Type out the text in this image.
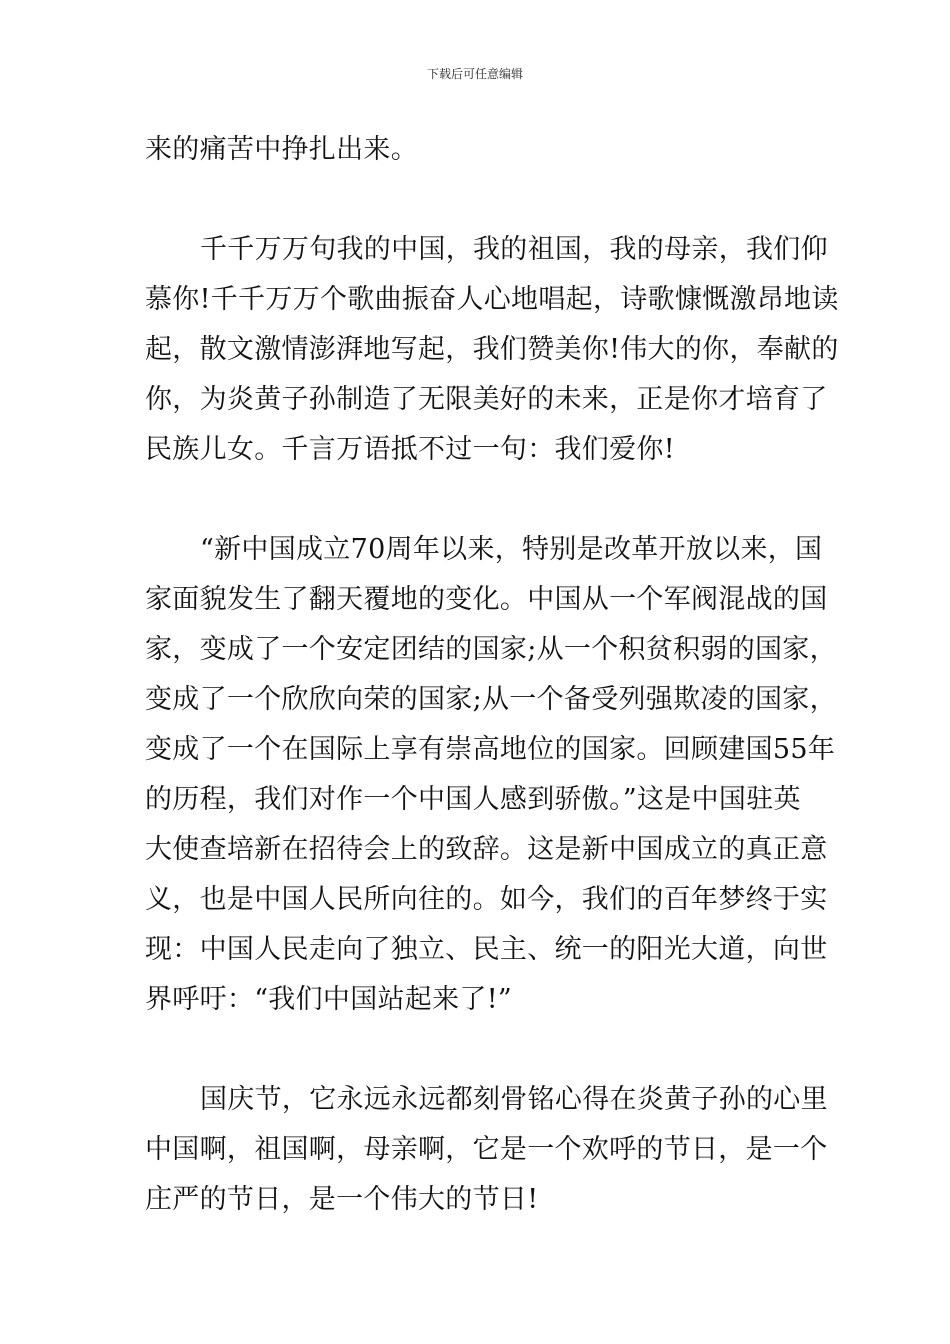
下载后可任意编辑
来的痛苦中挣扎出来。
千千万万句我的中国，我的祖国，我的母亲，我们仰
慕你!千千万万个歌曲振奋人心地唱起，诗歌慷慨激昂地读
起，散文激情澎湃地写起，我们赞美你!伟大的你，奉献的
你，为炎黄子孙制造了无限美好的未来，正是你才培育了
民族儿女。千言万语抵不过一句：我们爱你!
“新中国成立70周年以来，特别是改革开放以来，国
家面貌发生了翻天覆地的变化。中国从一个军阀混战的国
家，变成了一个安定团结的国家;从一个积贫积弱的国家，
变成了一个欣欣向荣的国家;从一个备受列强欺凌的国家，
变成了一个在国际上享有崇高地位的国家。回顾建国55年
的历程，我们对作一个中国人感到骄傲。”这是中国驻英
大使查培新在招待会上的致辞。这是新中国成立的真正意
义，也是中国人民所向往的。如今，我们的百年梦终于实
现：中国人民走向了独立、民主、统一的阳光大道，向世
界呼吁：“我们中国站起来了!”
国庆节，它永远永远都刻骨铭心得在炎黄子孙的心里
中国啊，祖国啊，母亲啊，它是一个欢呼的节日，是一个
庄严的节日，是一个伟大的节日!
